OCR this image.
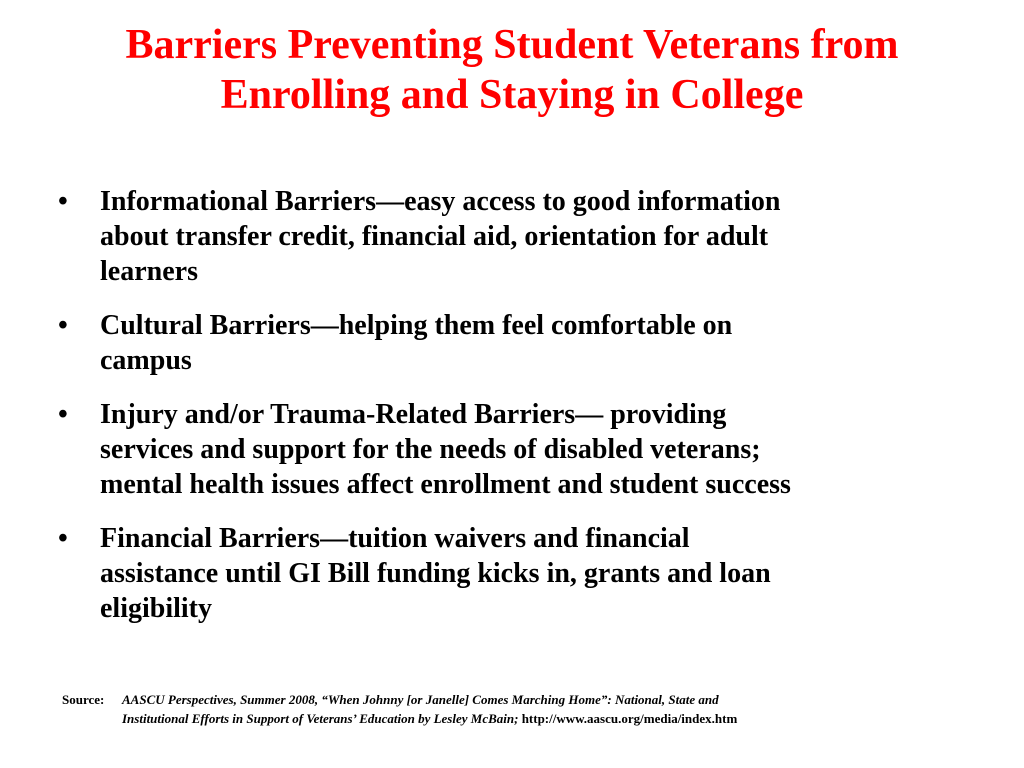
Barriers Preventing Student Veterans from
Enrolling and Staying in College
•	Informational Barriers—easy access to good information
about transfer credit, financial aid, orientation for adult
learners
•	Cultural Barriers—helping them feel comfortable on
campus
•	Injury and/or Trauma-Related Barriers— providing
services and support for the needs of disabled veterans;
mental health issues affect enrollment and student success
•	Financial Barriers—tuition waivers and financial
assistance until GI Bill funding kicks in, grants and loan
eligibility
Source: AASCU Perspectives, Summer 2008, “When Johnny [or Janelle] Comes Marching Home”: National, State and
Institutional Efforts in Support of Veterans’ Education by Lesley McBain; http://www.aascu.org/media/index.htm
